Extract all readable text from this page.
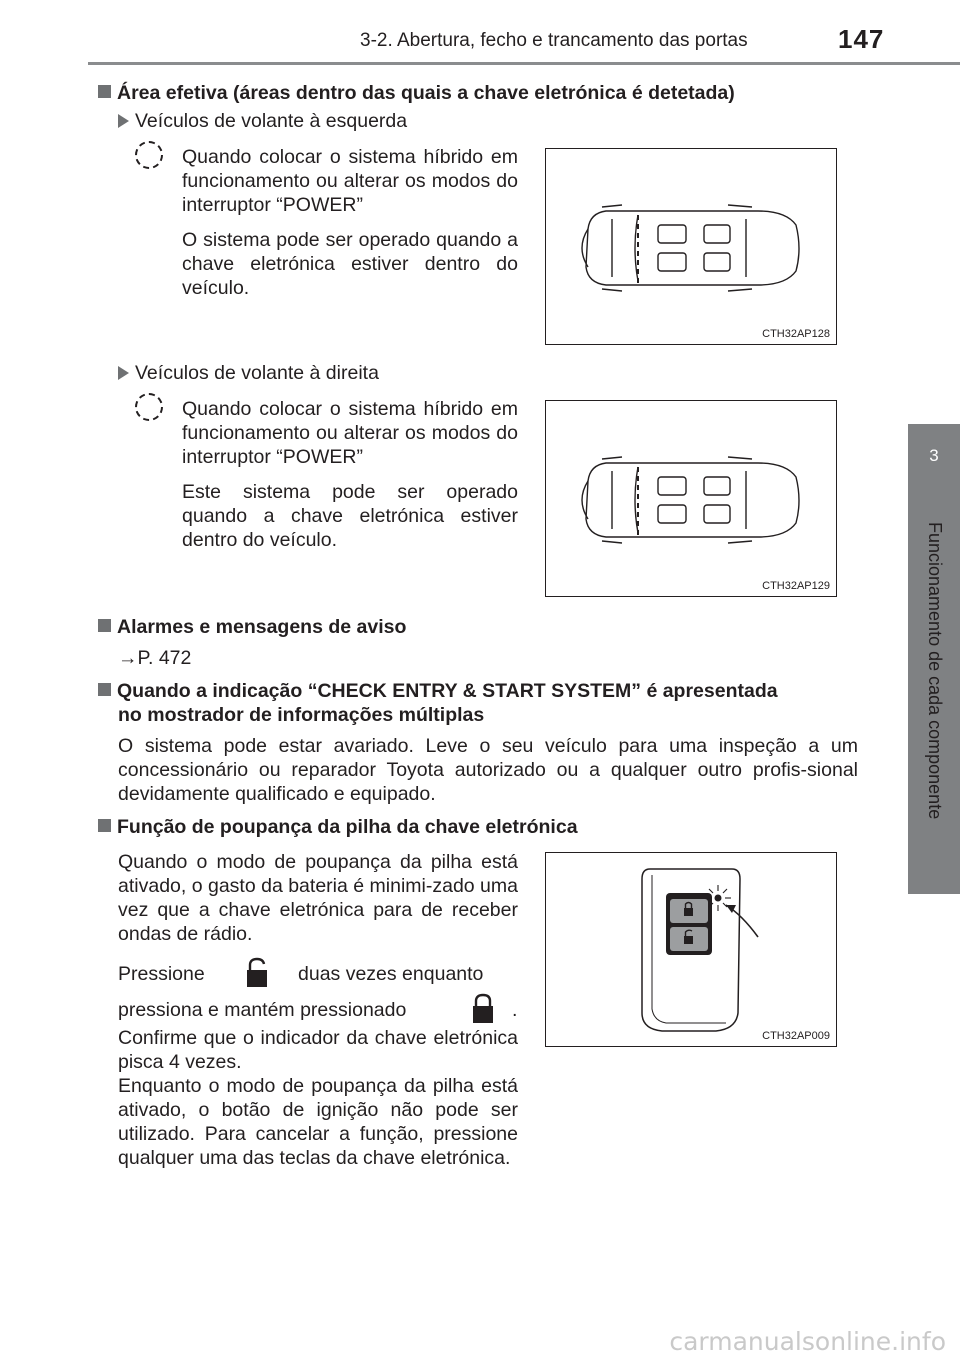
3-2. Abertura, fecho e trancamento das portas	147
3
Funcionamento de cada componente
Área efetiva (áreas dentro das quais a chave eletrónica é detetada)
Veículos de volante à esquerda
Quando colocar o sistema híbrido em funcionamento ou alterar os modos do interruptor “POWER”
O sistema pode ser operado quando a chave eletrónica estiver dentro do veículo.
CTH32AP128
Veículos de volante à direita
Quando colocar o sistema híbrido em funcionamento ou alterar os modos do interruptor “POWER”
Este sistema pode ser operado quando a chave eletrónica estiver dentro do veículo.
CTH32AP129
Alarmes e mensagens de aviso
→P. 472
Quando a indicação “CHECK ENTRY & START SYSTEM” é apresentada
no mostrador de informações múltiplas
O sistema pode estar avariado. Leve o seu veículo para uma inspeção a um concessionário ou reparador Toyota autorizado ou a qualquer outro profis-sional devidamente qualificado e equipado.
Função de poupança da pilha da chave eletrónica
Quando o modo de poupança da pilha está ativado, o gasto da bateria é minimi-zado uma vez que a chave eletrónica para de receber ondas de rádio.
Pressione	duas vezes enquanto
pressiona e mantém pressionado	.
Confirme que o indicador da chave eletrónica pisca 4 vezes.
Enquanto o modo de poupança da pilha está ativado, o botão de ignição não pode ser utilizado. Para cancelar a função, pressione qualquer uma das teclas da chave eletrónica.
CTH32AP009
carmanualsonline.info
